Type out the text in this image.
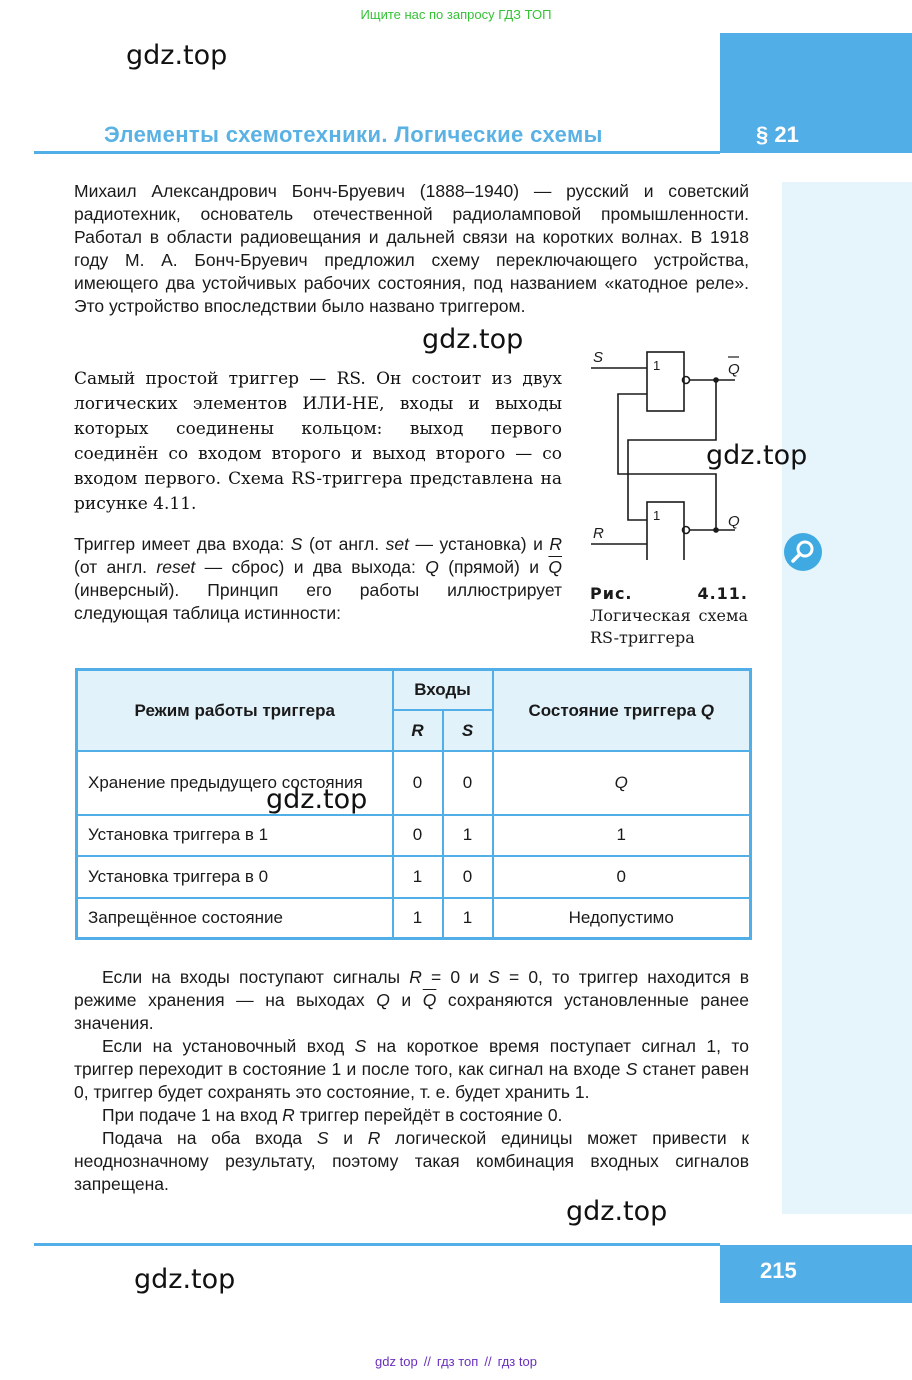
Ищите нас по запросу ГДЗ ТОП
gdz.top
Элементы схемотехники. Логические схемы	§ 21
Михаил Александрович Бонч-Бруевич (1888–1940) — русский и советский радиотехник, основатель отечественной радиоламповой промышленности. Работал в области радиовещания и дальней связи на коротких волнах. В 1918 году М. А. Бонч-Бруевич предложил схему переключающего устройства, имеющего два устойчивых рабочих состояния, под названием «катодное реле». Это устройство впоследствии было названо триггером.
gdz.top
Самый простой триггер — RS. Он состоит из двух логических элементов ИЛИ-НЕ, входы и выходы которых соединены кольцом: выход первого соединён со входом второго и выход второго — со входом первого. Схема RS-триггера представлена на рисунке 4.11.
Триггер имеет два входа: S (от англ. set — установка) и R (от англ. reset — сброс) и два выхода: Q (прямой) и $\overline{Q}$ (инверсный). Принцип его работы иллюстрирует следующая таблица истинности:
S
R
Q
Q
1
1
gdz.top
Рис. 4.11. Логическая схема RS-триггера
Режим работы триггера	Входы		Состояние триггера Q
	R	S	
Хранение предыдущего состояния	0	0	Q
Установка триггера в 1	0	1	1
Установка триггера в 0	1	0	0
Запрещённое состояние	1	1	Недопустимо
gdz.top

Если на входы поступают сигналы R = 0 и S = 0, то триггер находится в режиме хранения — на выходах Q и $\overline{Q}$ сохраняются установленные ранее значения.

Если на установочный вход S на короткое время поступает сигнал 1, то триггер переходит в состояние 1 и после того, как сигнал на входе S станет равен 0, триггер будет сохранять это состояние, т. е. будет хранить 1.

При подаче 1 на вход R триггер перейдёт в состояние 0.

Подача на оба входа S и R логической единицы может привести к неоднозначному результату, поэтому такая комбинация входных сигналов запрещена.

gdz.top
215
gdz.top
gdz top // гдз топ // гдз top
